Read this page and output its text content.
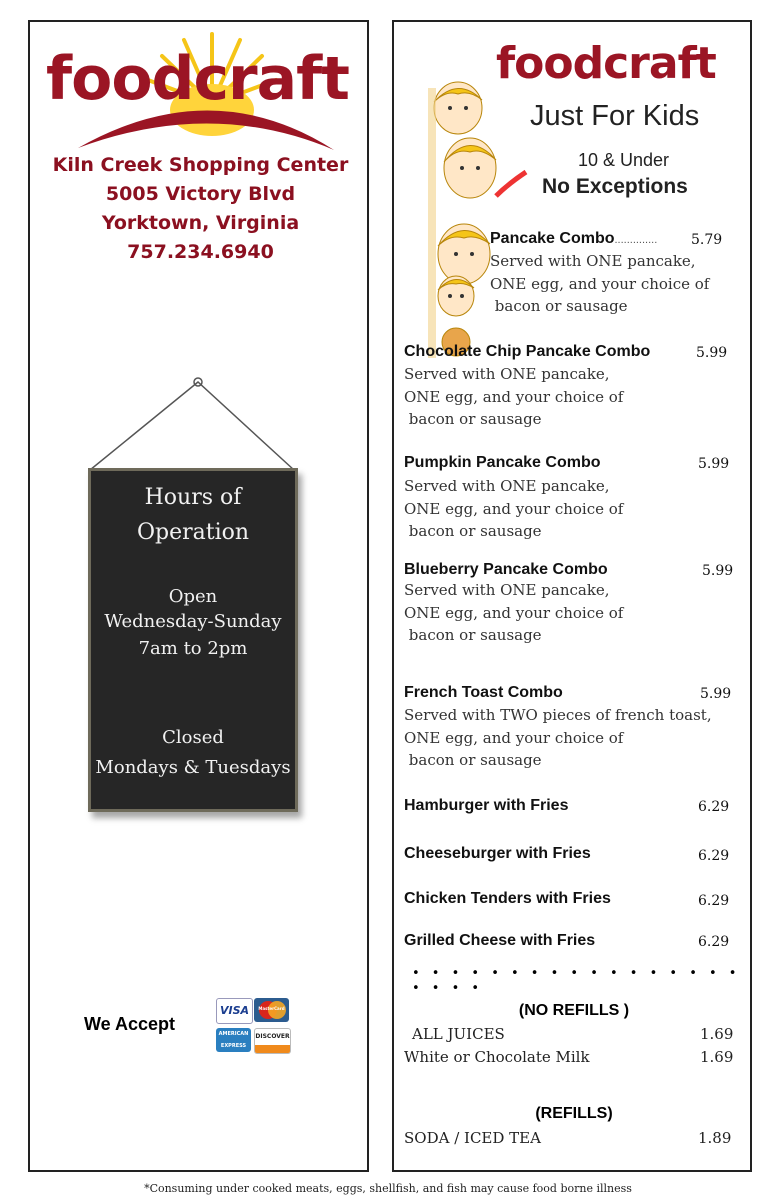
foodcraft
Kiln Creek Shopping Center
5005 Victory Blvd
Yorktown, Virginia
757.234.6940
Hours of
Operation
Open
Wednesday-Sunday
7am to 2pm
Closed
Mondays & Tuesdays
We Accept
VISA	MasterCard
AMERICAN EXPRESS
DISCOVER
foodcraft
Just For Kids
10 & Under
No Exceptions
Pancake Combo.............. 5.79
Served with ONE pancake,
ONE egg, and your choice of
bacon or sausage
Chocolate Chip Pancake Combo	5.99
Served with ONE pancake,
ONE egg, and your choice of
bacon or sausage
Pumpkin Pancake Combo	5.99
Served with ONE pancake,
ONE egg, and your choice of
bacon or sausage
Blueberry Pancake Combo	5.99
Served with ONE pancake,
ONE egg, and your choice of
bacon or sausage
French Toast Combo	5.99
Served with TWO pieces of french toast,
ONE egg, and your choice of
bacon or sausage
Hamburger with Fries	6.29
Cheeseburger with Fries	6.29
Chicken Tenders with Fries	6.29
Grilled Cheese with Fries	6.29
• • • • • • • • • • • • • • • • • • • • •
(NO REFILLS )
ALL JUICES	1.69
White or Chocolate Milk	1.69
(REFILLS)
SODA / ICED TEA	1.89
*Consuming under cooked meats, eggs, shellfish, and fish may cause food borne illness
